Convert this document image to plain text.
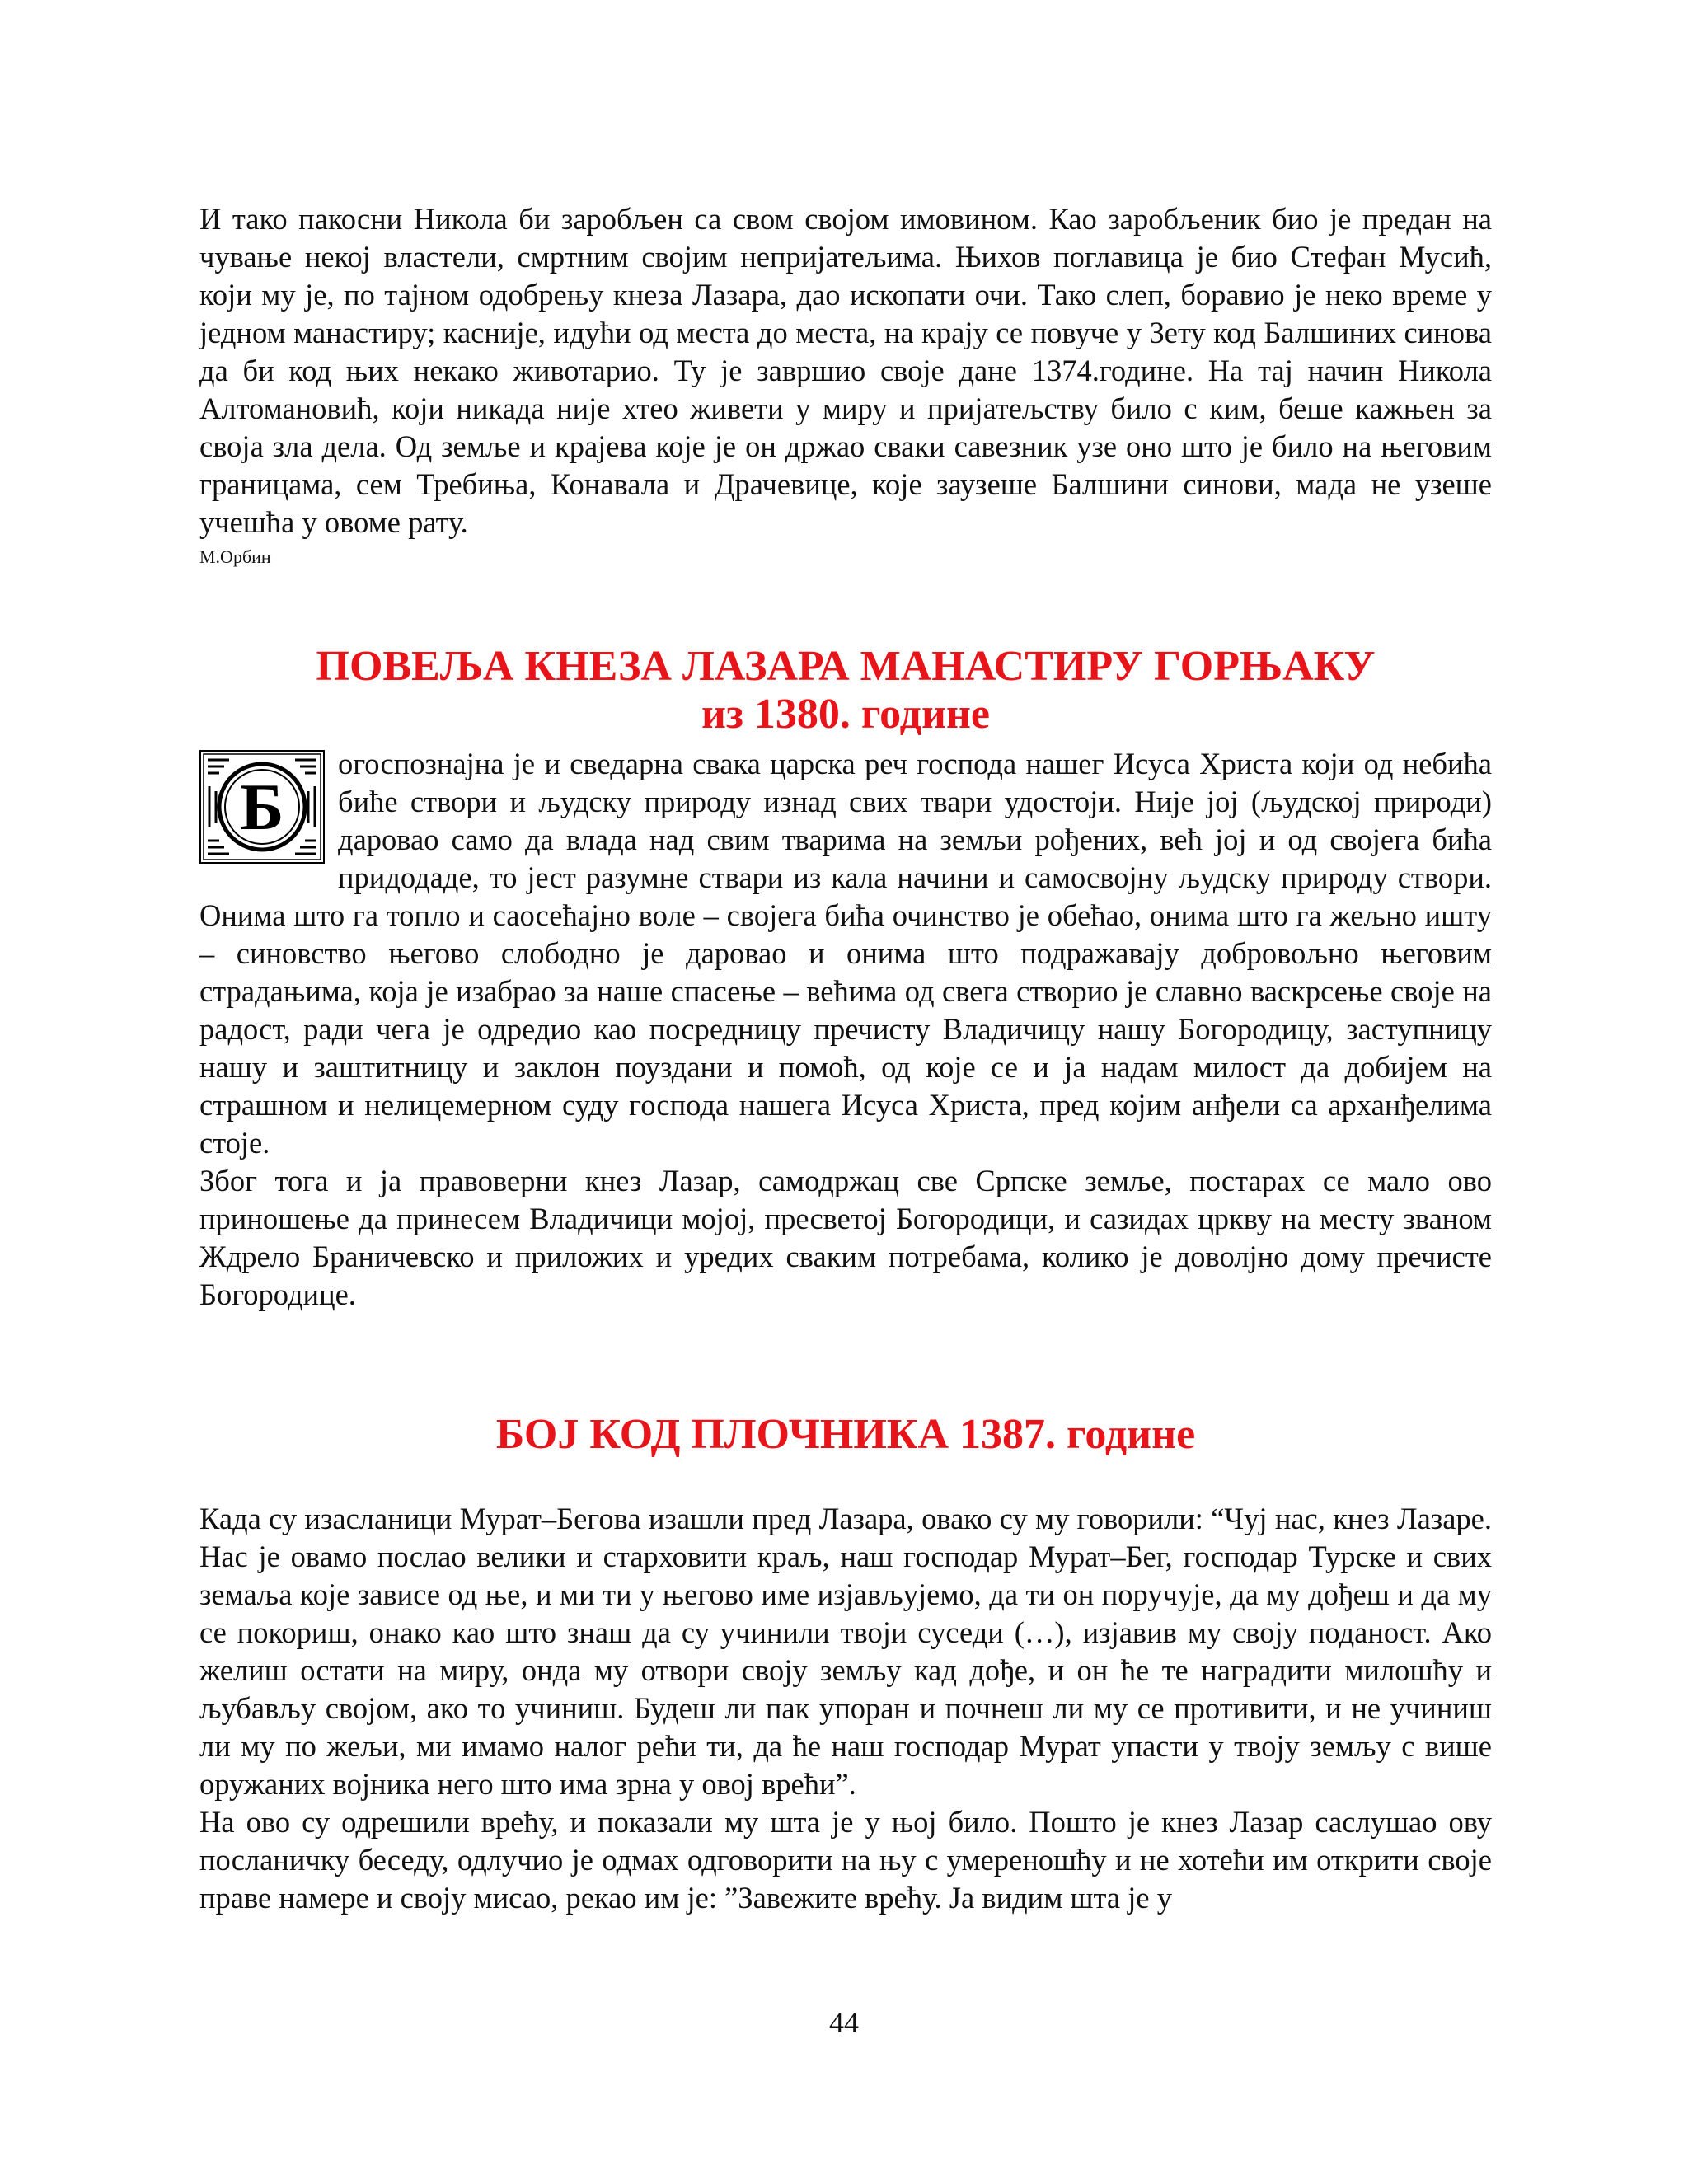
И тако пакосни Никола би заробљен са свом својом имовином. Као заробљеник био је предан на чување некој властели, смртним својим непријатељима. Њихов поглавица је био Стефан Мусић, који му је, по тајном одобрењу кнеза Лазара, дао ископати очи. Тако слеп, боравио је неко време у једном манастиру; касније, идући од места до места, на крају се повуче у Зету код Балшиних синова да би код њих некако животарио. Ту је завршио своје дане 1374.године. На тај начин Никола Алтомановић, који никада није хтео живети у миру и пријатељству било с ким, беше кажњен за своја зла дела. Од земље и крајева које је он држао сваки савезник узе оно што је било на његовим границама, сем Требиња, Конавала и Драчевице, које заузеше Балшини синови, мада не узеше учешћа у овоме рату.

М.Орбин
ПОВЕЉА КНЕЗА ЛАЗАРА МАНАСТИРУ ГОРЊАКУ
из 1380. године
Б

огоспознајна је и сведарна свака царска реч господа нашег Исуса Христа који од небића биће створи и људску природу изнад свих твари удостоји. Није јој (људској природи) даровао само да влада над свим тварима на земљи рођених, већ јој и од својега бића придодаде, то јест разумне ствари из кала начини и самосвојну људску природу створи. Онима што га топло и саосећајно воле – својега бића очинство је обећао, онима што га жељно ишту – синовство његово слободно је даровао и онима што подражавају добровољно његовим страдањима, која је изабрао за наше спасење – већима од свега створио је славно васкрсење своје на радост, ради чега је одредио као посредницу пречисту Владичицу нашу Богородицу, заступницу нашу и заштитницу и заклон поуздани и помоћ, од које се и ја надам милост да добијем на страшном и нелицемерном суду господа нашега Исуса Христа, пред којим анђели са арханђелима стоје.

Због тога и ја правоверни кнез Лазар, самодржац све Српске земље, постарах се мало ово приношење да принесем Владичици мојој, пресветој Богородици, и сазидах цркву на месту званом Ждрело Браничевско и приложих и уредих сваким потребама, колико је доволјно дому пречисте Богородице.

БОЈ КОД ПЛОЧНИКА 1387. године

Када су изасланици Мурат–Бегова изашли пред Лазара, овако су му говорили: “Чуј нас, кнез Лазаре. Нас је овамо послао велики и старховити краљ, наш господар Мурат–Бег, господар Турске и свих земаља које зависе од ње, и ми ти у његово име изјављујемо, да ти он поручује, да му дођеш и да му се покориш, онако као што знаш да су учинили твоји суседи (…), изјавив му своју поданост. Ако желиш остати на миру, онда му отвори своју земљу кад дође, и он ће те наградити милошћу и љубављу својом, ако то учиниш. Будеш ли пак упоран и почнеш ли му се противити, и не учиниш ли му по жељи, ми имамо налог рећи ти, да ће наш господар Мурат упасти у твоју земљу с више оружаних војника него што има зрна у овој врећи”.

На ово су одрешили врећу, и показали му шта је у њој било. Пошто је кнез Лазар саслушао ову посланичку беседу, одлучио је одмах одговорити на њу с умереношћу и не хотећи им открити своје праве намере и своју мисао, рекао им је: ”Завежите врећу. Ја видим шта је у

44
